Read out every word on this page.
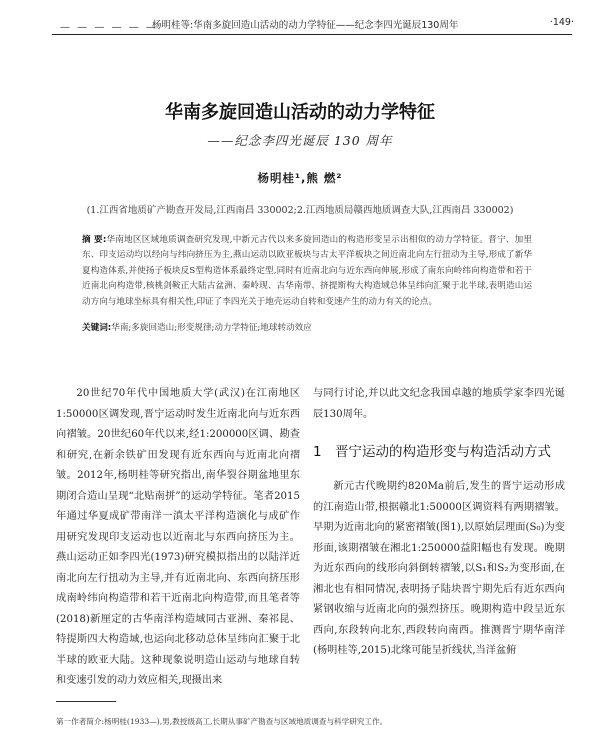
— — — — — —
杨明桂等:华南多旋回造山活动的动力学特征——纪念李四光诞辰130周年	·149·
华南多旋回造山活动的动力学特征
——纪念李四光诞辰 130 周年
杨明桂¹,熊 燃²
(1.江西省地质矿产勘查开发局,江西南昌 330002;2.江西地质局赣西地质调查大队,江西南昌 330002)
摘 要:华南地区区域地质调查研究发现,中新元古代以来多旋回造山的构造形变呈示出相似的动力学特征。晋宁、加里东、印支运动均以经向与纬向挤压为主,燕山运动以欧亚板块与古太平洋板块之间近南北向左行扭动为主导,形成了新华夏构造体系,并使扬子板块反S型构造体系最终定型,同时有近南北向与近东西向伸展,形成了南东向岭纬向构造带和若干近南北向构造带,核桃剑鞍正大陆古盆洲、秦岭现、古华南带、挤提斯构大构造域总体呈纬向汇聚于北半球,表明造山运动方向与地球坐标具有相关性,印证了李四光关于地壳运动自转和变速产生的动力有关的论点。
关键词:华南;多旋回造山;形变规律;动力学特征;地球转动效应

20世纪70年代中国地质大学(武汉)在江南地区1:50000区调发现,晋宁运动时发生近南北向与近东西向褶皱。20世纪60年代以来,经1:200000区调、勘查和研究,在新余铁矿田发现有近东西向与近南北向褶皱。2012年,杨明桂等研究指出,南华裂谷期盆地里东期闭合造山呈现“北贴南拼”的运动学特征。笔者2015年通过华夏成矿带南洋一滇太平洋构造演化与成矿作用研究发现印支运动也以近南北与东西向挤压为主。燕山运动正如李四光(1973)研究模拟指出的以陆洋近南北向左行扭动为主导,并有近南北向、东西向挤压形成南岭纬向构造带和若干近南北向构造带,而且笔者等(2018)新厘定的古华南洋构造域同古亚洲、秦祁昆、特提斯四大构造域,也运向北移动总体呈纬向汇聚于北半球的欧亚大陆。这种现象说明造山运动与地球自转和变速引发的动力效应相关,现摄出来

与同行讨论,并以此文纪念我国卓越的地质学家李四光诞辰130周年。

1 晋宁运动的构造形变与构造活动方式

新元古代晚期约820Ma前后,发生的晋宁运动形成的江南造山带,根据赣北1:50000区调资料有两期褶皱。早期为近南北向的紧密褶皱(图1),以原始层理面(S₀)为变形面,该期褶皱在湘北1:250000益阳幅也有发现。晚期为近东西向的线形向斜倒转褶皱,以S₁和S₂为变形面,在湘北也有相同情况,表明扬子陆块晋宁期先后有近东西向紧钢收缩与近南北向的强烈挤压。晚期构造中段呈近东西向,东段转向北东,西段转向南西。推测晋宁期华南洋(杨明桂等,2015)北缘可能呈折线状,当洋盆俯

第一作者简介:杨明桂(1933—),男,教授级高工,长期从事矿产勘查与区域地质调查与科学研究工作。
